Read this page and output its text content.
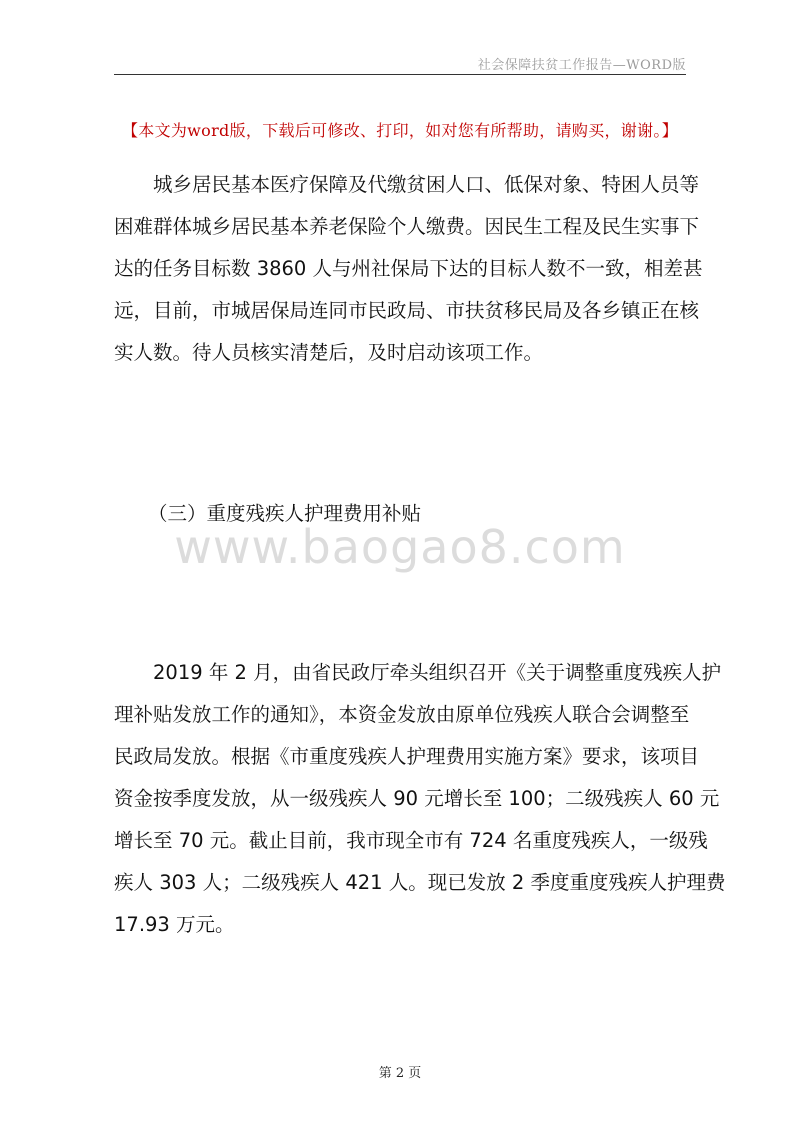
社会保障扶贫工作报告—WORD版
【本文为word版，下载后可修改、打印，如对您有所帮助，请购买，谢谢。】
城乡居民基本医疗保障及代缴贫困人口、低保对象、特困人员等
困难群体城乡居民基本养老保险个人缴费。因民生工程及民生实事下
达的任务目标数 3860 人与州社保局下达的目标人数不一致，相差甚
远，目前，市城居保局连同市民政局、市扶贫移民局及各乡镇正在核
实人数。待人员核实清楚后，及时启动该项工作。
（三）重度残疾人护理费用补贴
www.baogao8.com
2019 年 2 月，由省民政厅牵头组织召开《关于调整重度残疾人护
理补贴发放工作的通知》，本资金发放由原单位残疾人联合会调整至
民政局发放。根据《市重度残疾人护理费用实施方案》要求，该项目
资金按季度发放，从一级残疾人 90 元增长至 100；二级残疾人 60 元
增长至 70 元。截止目前，我市现全市有 724 名重度残疾人，一级残
疾人 303 人；二级残疾人 421 人。现已发放 2 季度重度残疾人护理费
17.93 万元。
第 2 页
